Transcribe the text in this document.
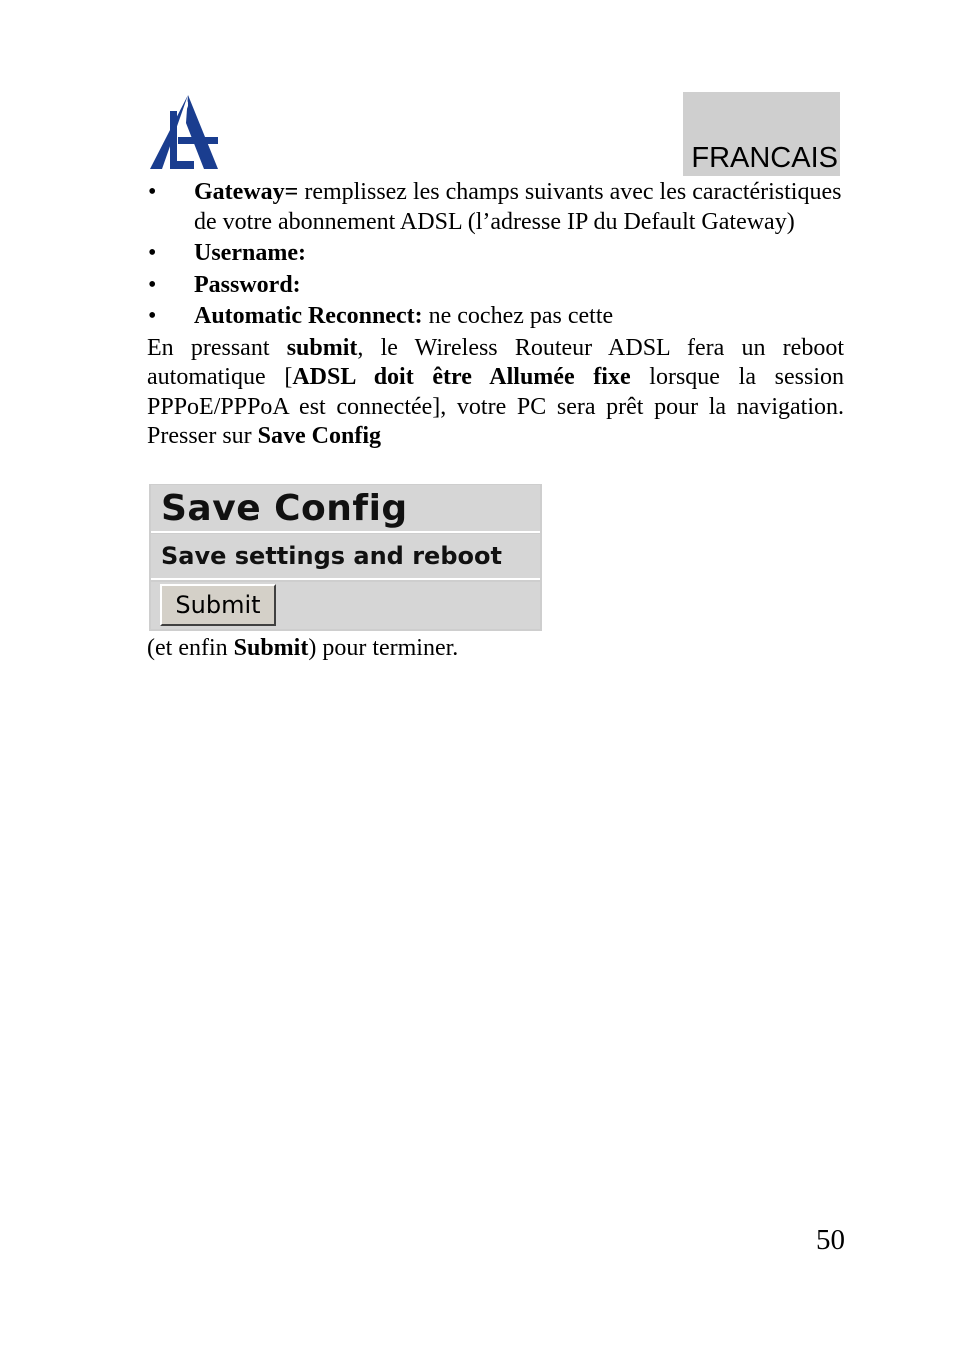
FRANCAIS
• Gateway= remplissez les champs suivants avec les caractéristiques de votre abonnement ADSL (l’adresse IP du Default Gateway)
• Username:
• Password:
• Automatic Reconnect: ne cochez pas cette

En pressant submit, le Wireless Routeur ADSL fera un reboot automatique [ADSL doit être Allumée fixe lorsque la session PPPoE/PPPoA est connectée], votre PC sera prêt pour la navigation. Presser sur Save Config

Save Config
Save settings and reboot
Submit
(et enfin Submit) pour terminer.
50
